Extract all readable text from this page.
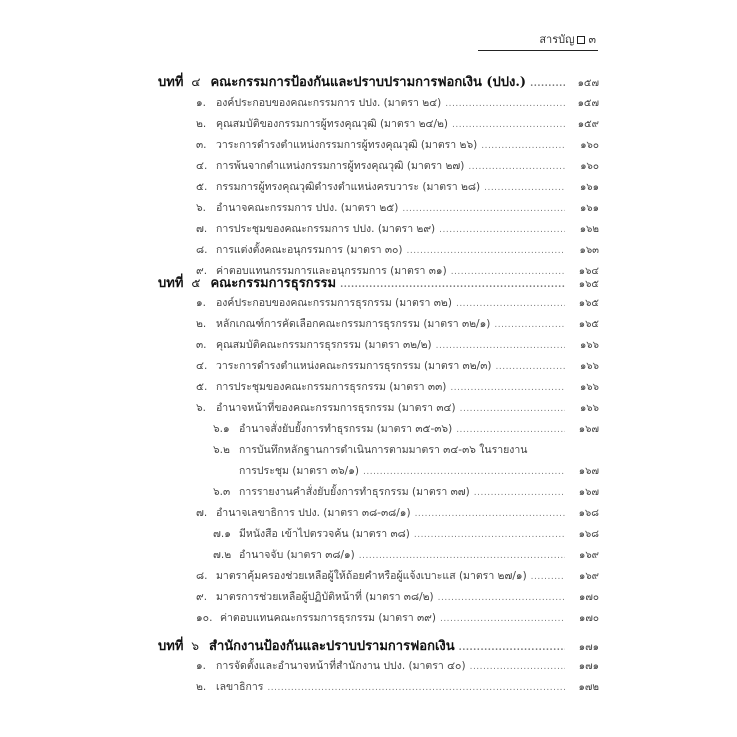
สารบัญ ๓
บทที่ ๔ คณะกรรมการป้องกันและปราบปรามการฟอกเงิน (ปปง.) .....	๑๕๗
๑. องค์ประกอบของคณะกรรมการ ปปง. (มาตรา ๒๔) .....	๑๕๗
๒. คุณสมบัติของกรรมการผู้ทรงคุณวุฒิ (มาตรา ๒๔/๒) .....	๑๕๙
๓. วาระการดำรงตำแหน่งกรรมการผู้ทรงคุณวุฒิ (มาตรา ๒๖) .....	๑๖๐
๔. การพ้นจากตำแหน่งกรรมการผู้ทรงคุณวุฒิ (มาตรา ๒๗) .....	๑๖๐
๕. กรรมการผู้ทรงคุณวุฒิดำรงตำแหน่งครบวาระ (มาตรา ๒๘) .....	๑๖๑
๖. อำนาจคณะกรรมการ ปปง. (มาตรา ๒๕) .....	๑๖๑
๗. การประชุมของคณะกรรมการ ปปง. (มาตรา ๒๙) .....	๑๖๒
๘. การแต่งตั้งคณะอนุกรรมการ (มาตรา ๓๐) .....	๑๖๓
๙. ค่าตอบแทนกรรมการและอนุกรรมการ (มาตรา ๓๑) .....	๑๖๔
บทที่ ๕ คณะกรรมการธุรกรรม .....	๑๖๕
๑. องค์ประกอบของคณะกรรมการธุรกรรม (มาตรา ๓๒) .....	๑๖๕
๒. หลักเกณฑ์การคัดเลือกคณะกรรมการธุรกรรม (มาตรา ๓๒/๑) .....	๑๖๕
๓. คุณสมบัติคณะกรรมการธุรกรรม (มาตรา ๓๒/๒) .....	๑๖๖
๔. วาระการดำรงตำแหน่งคณะกรรมการธุรกรรม (มาตรา ๓๒/๓) .....	๑๖๖
๕. การประชุมของคณะกรรมการธุรกรรม (มาตรา ๓๓) .....	๑๖๖
๖. อำนาจหน้าที่ของคณะกรรมการธุรกรรม (มาตรา ๓๔) .....	๑๖๖
๖.๑ อำนาจสั่งยับยั้งการทำธุรกรรม (มาตรา ๓๕-๓๖) .....	๑๖๗
๖.๒ การบันทึกหลักฐานการดำเนินการตามมาตรา ๓๔-๓๖ ในรายงาน
การประชุม (มาตรา ๓๖/๑) .....	๑๖๗
๖.๓ การรายงานคำสั่งยับยั้งการทำธุรกรรม (มาตรา ๓๗) .....	๑๖๗
๗. อำนาจเลขาธิการ ปปง. (มาตรา ๓๘-๓๘/๑) .....	๑๖๘
๗.๑ มีหนังสือ เข้าไปตรวจค้น (มาตรา ๓๘) .....	๑๖๘
๗.๒ อำนาจจับ (มาตรา ๓๘/๑) .....	๑๖๙
๘. มาตราคุ้มครองช่วยเหลือผู้ให้ถ้อยคำหรือผู้แจ้งเบาะแส (มาตรา ๒๗/๑) .....	๑๖๙
๙. มาตรการช่วยเหลือผู้ปฏิบัติหน้าที่ (มาตรา ๓๘/๒) .....	๑๗๐
๑๐. ค่าตอบแทนคณะกรรมการธุรกรรม (มาตรา ๓๙) .....	๑๗๐
บทที่ ๖ สำนักงานป้องกันและปราบปรามการฟอกเงิน .....	๑๗๑
๑. การจัดตั้งและอำนาจหน้าที่สำนักงาน ปปง. (มาตรา ๔๐) .....	๑๗๑
๒. เลขาธิการ .....	๑๗๒
